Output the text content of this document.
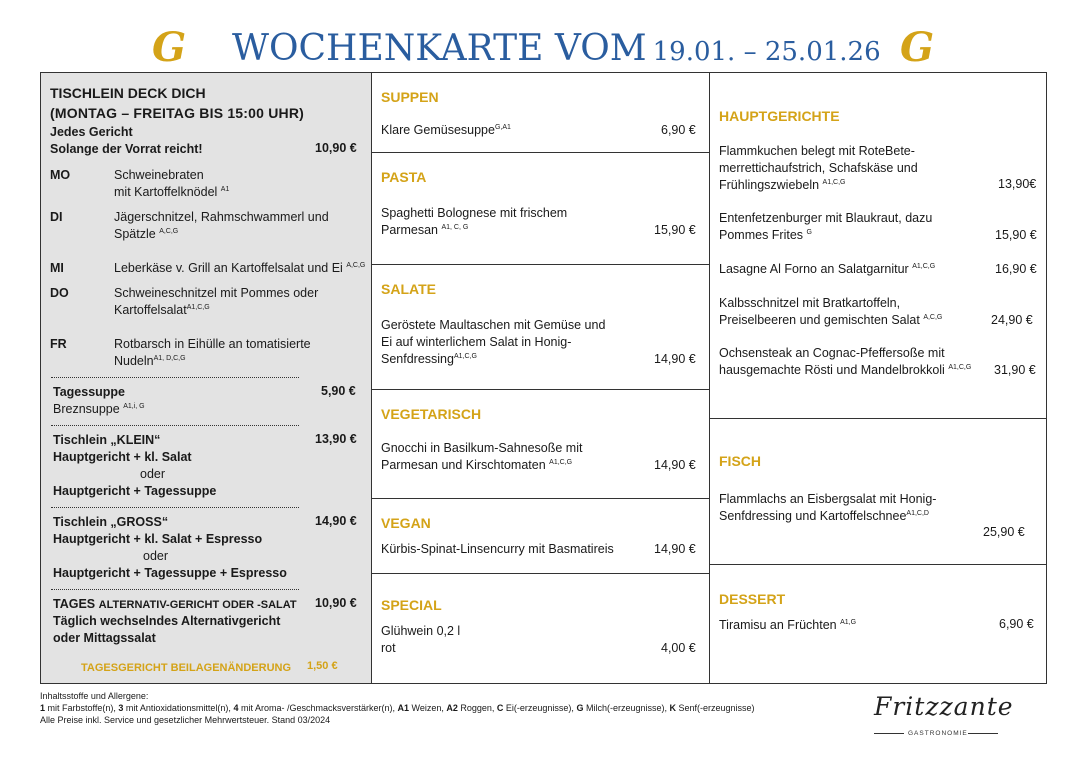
G WOCHENKARTE VOM 19.01. – 25.01.26 G
TISCHLEIN DECK DICH
(MONTAG – FREITAG BIS 15:00 UHR)
Jedes Gericht
Solange der Vorrat reicht!	10,90 €
MO	Schweinebraten
mit Kartoffelknödel $^{A1}$
DI	Jägerschnitzel, Rahmschwammerl und
Spätzle $^{A,C,G}$
MI	Leberkäse v. Grill an Kartoffelsalat und Ei $^{A,C,G}$
DO	Schweineschnitzel mit Pommes oder
Kartoffelsalat$^{A1,C,G}$
FR	Rotbarsch in Eihülle an tomatisierte
Nudeln$^{A1, D,C,G}$
Tagessuppe	5,90 €
Breznsuppe $^{A1,i, G}$
Tischlein „KLEIN“	13,90 €
Hauptgericht + kl. Salat
oder
Hauptgericht + Tagessuppe
Tischlein „GROSS“	14,90 €
Hauptgericht + kl. Salat + Espresso
oder
Hauptgericht + Tagessuppe + Espresso
TAGES ALTERNATIV-GERICHT ODER -SALAT 10,90 €
Täglich wechselndes Alternativgericht
oder Mittagssalat
TAGESGERICHT BEILAGENÄNDERUNG 1,50 €
SUPPEN
Klare Gemüsesuppe$^{G,A1}$	6,90 €
PASTA
Spaghetti Bolognese mit frischem
Parmesan $^{A1, C, G}$	15,90 €
SALATE
Geröstete Maultaschen mit Gemüse und
Ei auf winterlichem Salat in Honig-
Senfdressing$^{A1,C,G}$	14,90 €
VEGETARISCH
Gnocchi in Basilkum-Sahnesoße mit
Parmesan und Kirschtomaten $^{A1,C,G}$	14,90 €
VEGAN
Kürbis-Spinat-Linsencurry mit Basmatireis	14,90 €
SPECIAL
Glühwein 0,2 l
rot	4,00 €
HAUPTGERICHTE
Flammkuchen belegt mit RoteBete-
merrettichaufstrich, Schafskäse und
Frühlingszwiebeln $^{A1,C,G}$	13,90€
Entenfetzenburger mit Blaukraut, dazu
Pommes Frites $^G$	15,90 €
Lasagne Al Forno an Salatgarnitur $^{A1,C,G}$	16,90 €
Kalbsschnitzel mit Bratkartoffeln,
Preiselbeeren und gemischten Salat $^{A,C,G}$	24,90 €
Ochsensteak an Cognac-Pfeffersoße mit
hausgemachte Rösti und Mandelbrokkoli $^{A1,C,G}$ 31,90 €
FISCH
Flammlachs an Eisbergsalat mit Honig-
Senfdressing und Kartoffelschnee$^{A1,C,D}$
25,90 €
DESSERT
Tiramisu an Früchten $^{A1,G}$	6,90 €
Inhaltsstoffe und Allergene:
1 mit Farbstoffe(n), 3 mit Antioxidationsmittel(n), 4 mit Aroma- /Geschmacksverstärker(n), A1 Weizen, A2 Roggen, C Ei(-erzeugnisse), G Milch(-erzeugnisse), K Senf(-erzeugnisse)
Alle Preise inkl. Service und gesetzlicher Mehrwertsteuer. Stand 03/2024	Fritzzante
GASTRONOMIE
